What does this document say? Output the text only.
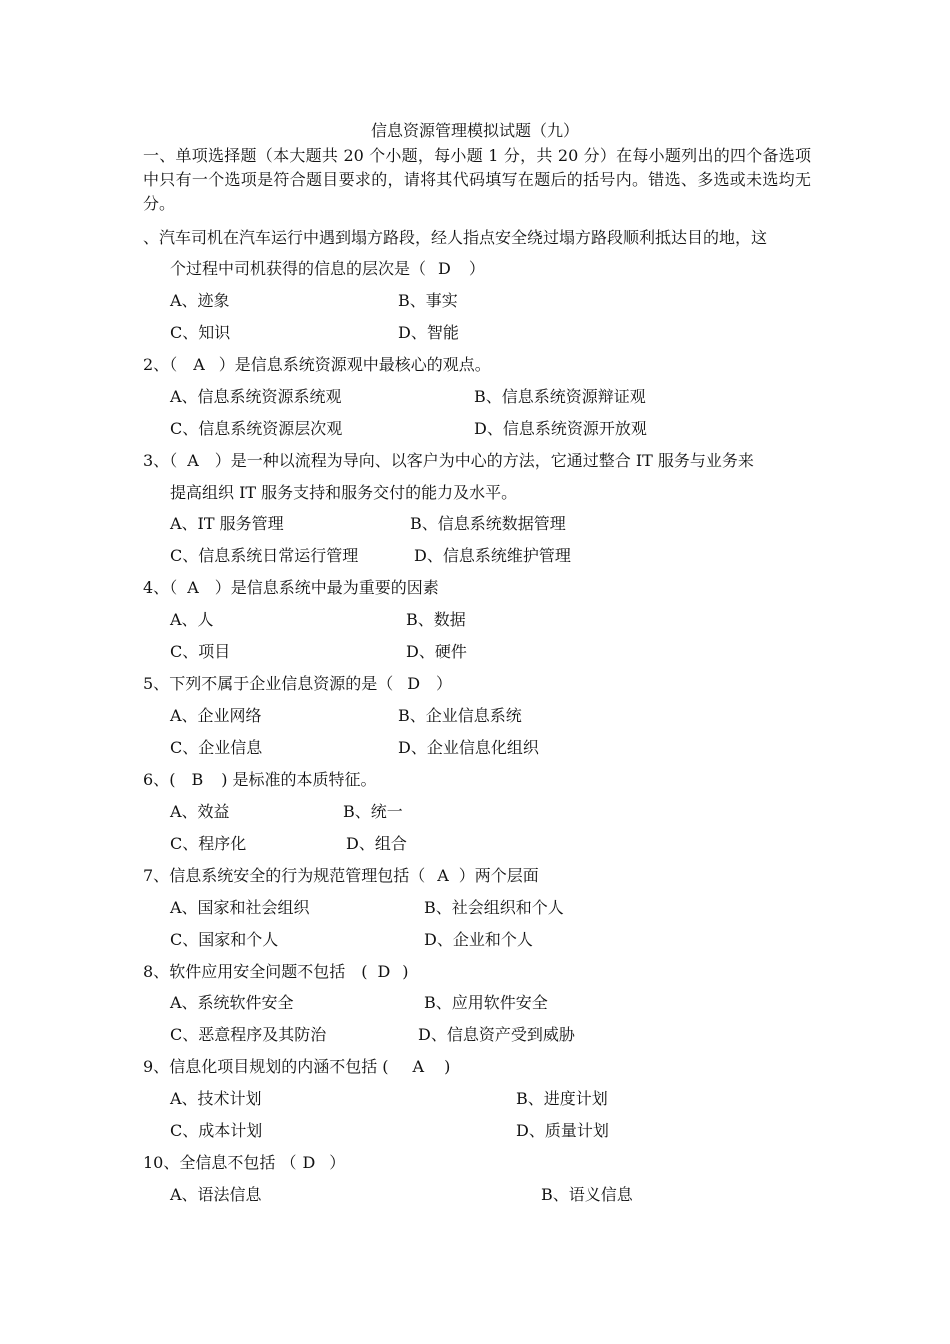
信息资源管理模拟试题（九）
一、单项选择题（本大题共 20 个小题，每小题 1 分，共 20 分）在每小题列出的四个备选项中只有一个选项是符合题目要求的，请将其代码填写在题后的括号内。错选、多选或未选均无分。
、汽车司机在汽车运行中遇到塌方路段，经人指点安全绕过塌方路段顺利抵达目的地，这
个过程中司机获得的信息的层次是（ D ）
A、迹象	B、事实
C、知识	D、智能
2、（ A ）是信息系统资源观中最核心的观点。
A、信息系统资源系统观	B、信息系统资源辩证观
C、信息系统资源层次观	D、信息系统资源开放观
3、（ A ）是一种以流程为导向、以客户为中心的方法，它通过整合 IT 服务与业务来
提高组织 IT 服务支持和服务交付的能力及水平。
A、IT 服务管理	B、信息系统数据管理
C、信息系统日常运行管理	D、信息系统维护管理
4、（ A ）是信息系统中最为重要的因素
A、人	B、数据
C、项目	D、硬件
5、下列不属于企业信息资源的是（ D ）
A、企业网络	B、企业信息系统
C、企业信息	D、企业信息化组织
6、( B ) 是标准的本质特征。
A、效益	B、统一
C、程序化	D、组合
7、信息系统安全的行为规范管理包括（ A ）两个层面
A、国家和社会组织	B、社会组织和个人
C、国家和个人	D、企业和个人
8、软件应用安全问题不包括　( D )
A、系统软件安全	B、应用软件安全
C、恶意程序及其防治	D、信息资产受到威胁
9、信息化项目规划的内涵不包括 ( A )
A、技术计划	B、进度计划
C、成本计划	D、质量计划
10、全信息不包括 （ D ）
A、语法信息	B、语义信息
